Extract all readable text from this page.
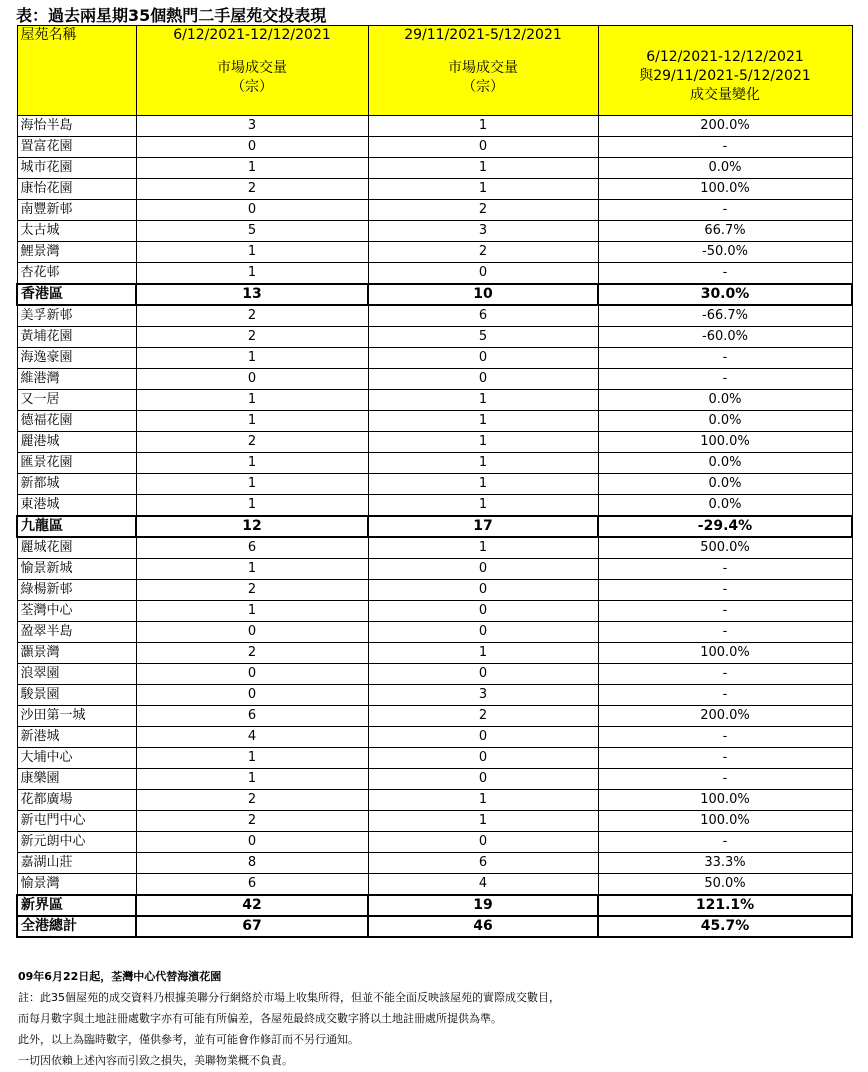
表：過去兩星期35個熱門二手屋苑交投表現
屋苑名稱	6/12/2021-12/12/2021
市場成交量
（宗）	29/11/2021-5/12/2021
市場成交量
（宗）	6/12/2021-12/12/2021
與29/11/2021-5/12/2021
成交量變化

海怡半島	3	1	200.0%
置富花園	0	0	-
城市花園	1	1	0.0%
康怡花園	2	1	100.0%
南豐新邨	0	2	-
太古城	5	3	66.7%
鯉景灣	1	2	-50.0%
杏花邨	1	0	-
香港區	13	10	30.0%
美孚新邨	2	6	-66.7%
黃埔花園	2	5	-60.0%
海逸豪園	1	0	-
維港灣	0	0	-
又一居	1	1	0.0%
德福花園	1	1	0.0%
麗港城	2	1	100.0%
匯景花園	1	1	0.0%
新都城	1	1	0.0%
東港城	1	1	0.0%
九龍區	12	17	-29.4%
麗城花園	6	1	500.0%
愉景新城	1	0	-
綠楊新邨	2	0	-
荃灣中心	1	0	-
盈翠半島	0	0	-
灝景灣	2	1	100.0%
浪翠園	0	0	-
駿景園	0	3	-
沙田第一城	6	2	200.0%
新港城	4	0	-
大埔中心	1	0	-
康樂園	1	0	-
花都廣場	2	1	100.0%
新屯門中心	2	1	100.0%
新元朗中心	0	0	-
嘉湖山莊	8	6	33.3%
愉景灣	6	4	50.0%
新界區	42	19	121.1%
全港總計	67	46	45.7%
09年6月22日起，荃灣中心代替海濱花園
註：此35個屋苑的成交資料乃根據美聯分行網絡於市場上收集所得，但並不能全面反映該屋苑的實際成交數目，
而每月數字與土地註冊處數字亦有可能有所偏差，各屋苑最終成交數字將以土地註冊處所提供為準。
此外，以上為臨時數字，僅供參考，並有可能會作修訂而不另行通知。
一切因依賴上述內容而引致之損失，美聯物業概不負責。
